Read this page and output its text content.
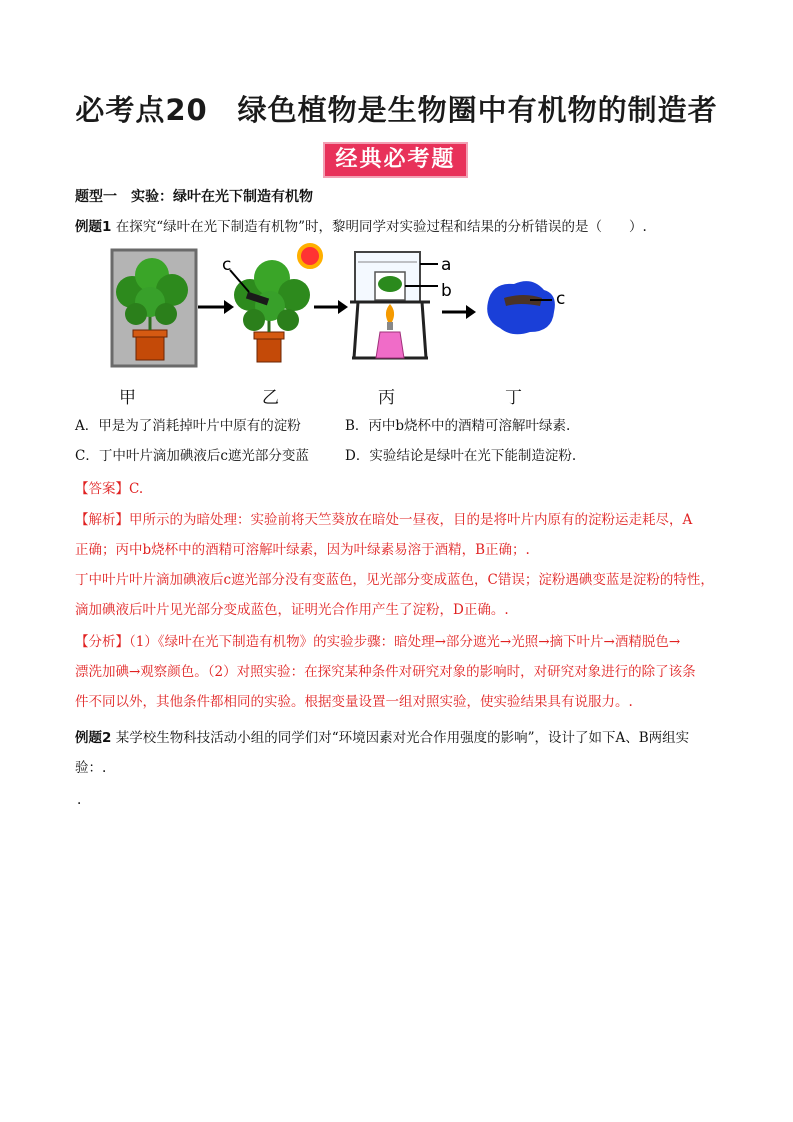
必考点20　绿色植物是生物圈中有机物的制造者
经典必考题
题型一　实验：绿叶在光下制造有机物
例题1 在探究“绿叶在光下制造有机物”时，黎明同学对实验过程和结果的分析错误的是（　　）.
c	a
b	c
甲	乙	丙	丁
A．甲是为了消耗掉叶片中原有的淀粉	B．丙中b烧杯中的酒精可溶解叶绿素.
C．丁中叶片滴加碘液后c遮光部分变蓝	D．实验结论是绿叶在光下能制造淀粉.
【答案】C.
【解析】甲所示的为暗处理：实验前将天竺葵放在暗处一昼夜，目的是将叶片内原有的淀粉运走耗尽，A
正确；丙中b烧杯中的酒精可溶解叶绿素，因为叶绿素易溶于酒精，B正确；.
丁中叶片叶片滴加碘液后c遮光部分没有变蓝色，见光部分变成蓝色，C错误；淀粉遇碘变蓝是淀粉的特性，
滴加碘液后叶片见光部分变成蓝色，证明光合作用产生了淀粉，D正确。.
【分析】（1）《绿叶在光下制造有机物》的实验步骤：暗处理→部分遮光→光照→摘下叶片→酒精脱色→
漂洗加碘→观察颜色。（2）对照实验：在探究某种条件对研究对象的影响时，对研究对象进行的除了该条
件不同以外，其他条件都相同的实验。根据变量设置一组对照实验，使实验结果具有说服力。.
例题2 某学校生物科技活动小组的同学们对“环境因素对光合作用强度的影响”，设计了如下A、B两组实
验：.
.
